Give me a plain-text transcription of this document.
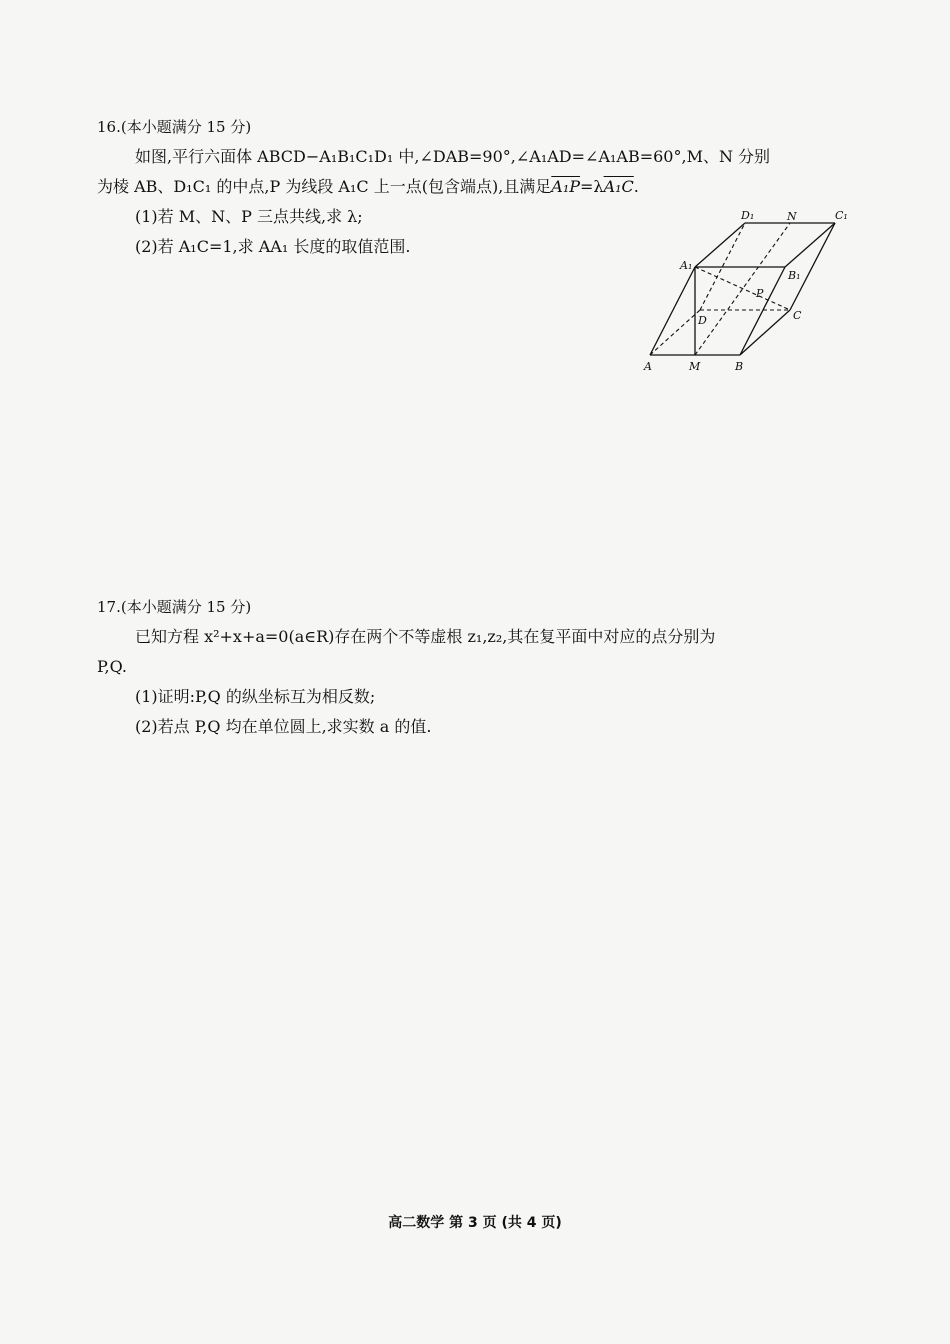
16.(本小题满分 15 分)
如图,平行六面体 ABCD−A₁B₁C₁D₁ 中,∠DAB=90°,∠A₁AD=∠A₁AB=60°,M、N 分别
为棱 AB、D₁C₁ 的中点,P 为线段 A₁C 上一点(包含端点),且满足A₁P=λA₁C.
(1)若 M、N、P 三点共线,求 λ;
(2)若 A₁C=1,求 AA₁ 长度的取值范围.
D₁	N	C₁
A₁
B₁
P
D	C
A	M	B
17.(本小题满分 15 分)
已知方程 x²+x+a=0(a∈R)存在两个不等虚根 z₁,z₂,其在复平面中对应的点分别为
P,Q.
(1)证明:P,Q 的纵坐标互为相反数;
(2)若点 P,Q 均在单位圆上,求实数 a 的值.
高二数学 第 3 页 (共 4 页)
